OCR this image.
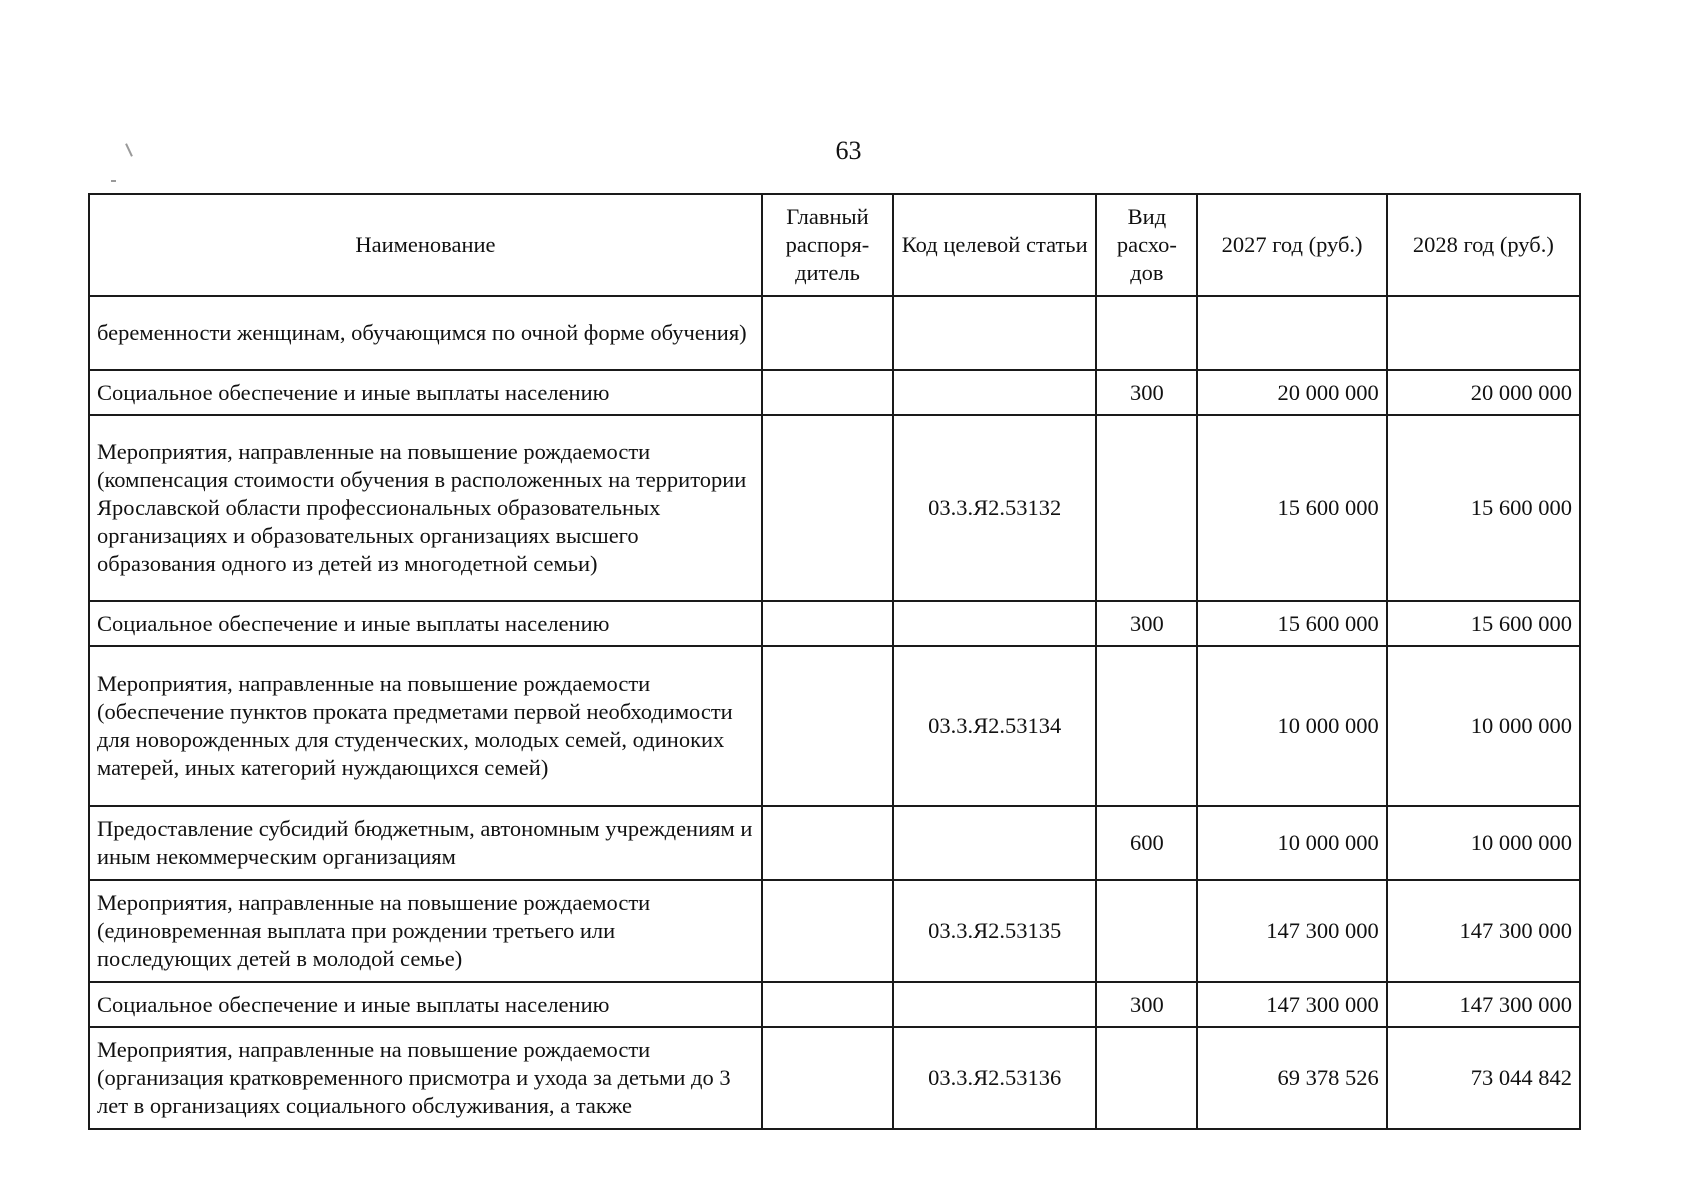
63
Наименование	Главный распоря-дитель	Код целевой статьи	Вид расхо-дов	2027 год (руб.)	2028 год (руб.)
беременности женщинам, обучающимся по очной форме обучения)					
Социальное обеспечение и иные выплаты населению			300	20 000 000	20 000 000
Мероприятия, направленные на повышение рождаемости (компенсация стоимости обучения в расположенных на территории Ярославской области профессиональных образовательных организациях и образовательных организациях высшего образования одного из детей из многодетной семьи)		03.3.Я2.53132		15 600 000	15 600 000
Социальное обеспечение и иные выплаты населению			300	15 600 000	15 600 000
Мероприятия, направленные на повышение рождаемости (обеспечение пунктов проката предметами первой необходимости для новорожденных для студенческих, молодых семей, одиноких матерей, иных категорий нуждающихся семей)		03.3.Я2.53134		10 000 000	10 000 000
Предоставление субсидий бюджетным, автономным учреждениям и иным некоммерческим организациям			600	10 000 000	10 000 000
Мероприятия, направленные на повышение рождаемости (единовременная выплата при рождении третьего или последующих детей в молодой семье)		03.3.Я2.53135		147 300 000	147 300 000
Социальное обеспечение и иные выплаты населению			300	147 300 000	147 300 000
Мероприятия, направленные на повышение рождаемости (организация кратковременного присмотра и ухода за детьми до 3 лет в организациях социального обслуживания, а также		03.3.Я2.53136		69 378 526	73 044 842
